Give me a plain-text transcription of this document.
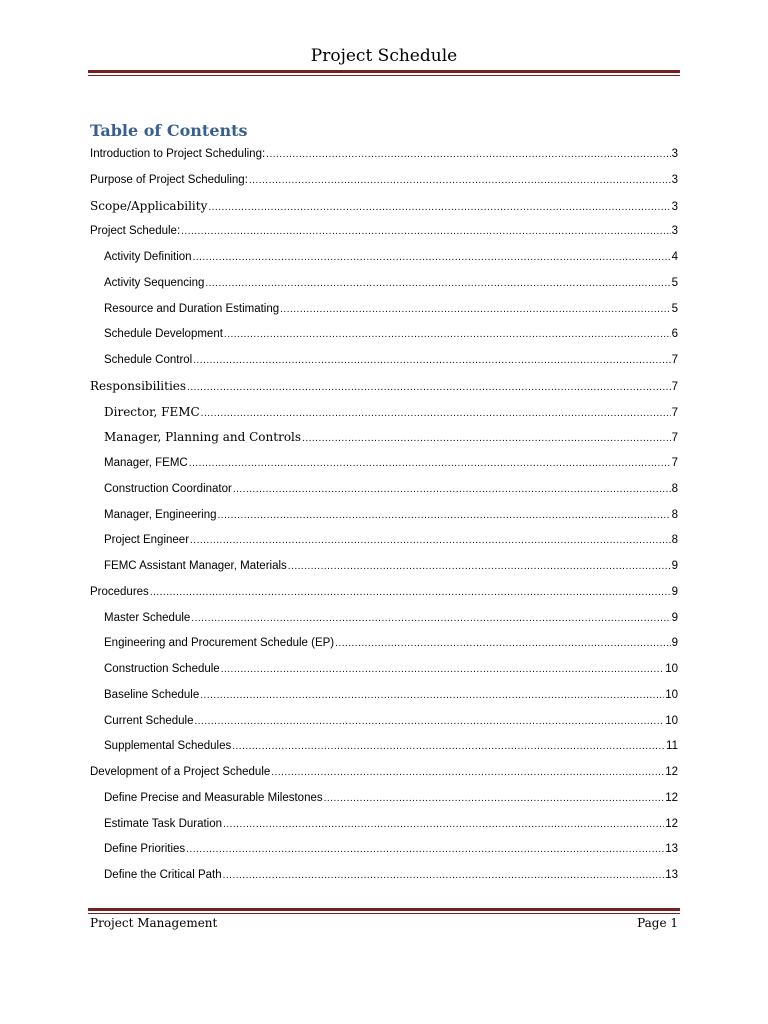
Project Schedule
Table of Contents
Introduction to Project Scheduling: .....	3
Purpose of Project Scheduling: .....	3
Scope/Applicability .....	3
Project Schedule: .....	3
Activity Definition .....	4
Activity Sequencing .....	5
Resource and Duration Estimating .....	5
Schedule Development .....	6
Schedule Control .....	7
Responsibilities .....	7
Director, FEMC .....	7
Manager, Planning and Controls .....	7
Manager, FEMC .....	7
Construction Coordinator .....	8
Manager, Engineering .....	8
Project Engineer .....	8
FEMC Assistant Manager, Materials .....	9
Procedures .....	9
Master Schedule .....	9
Engineering and Procurement Schedule (EP) .....	9
Construction Schedule .....	10
Baseline Schedule .....	10
Current Schedule .....	10
Supplemental Schedules .....	11
Development of a Project Schedule .....	12
Define Precise and Measurable Milestones .....	12
Estimate Task Duration .....	12
Define Priorities .....	13
Define the Critical Path .....	13
Project Management	Page 1
